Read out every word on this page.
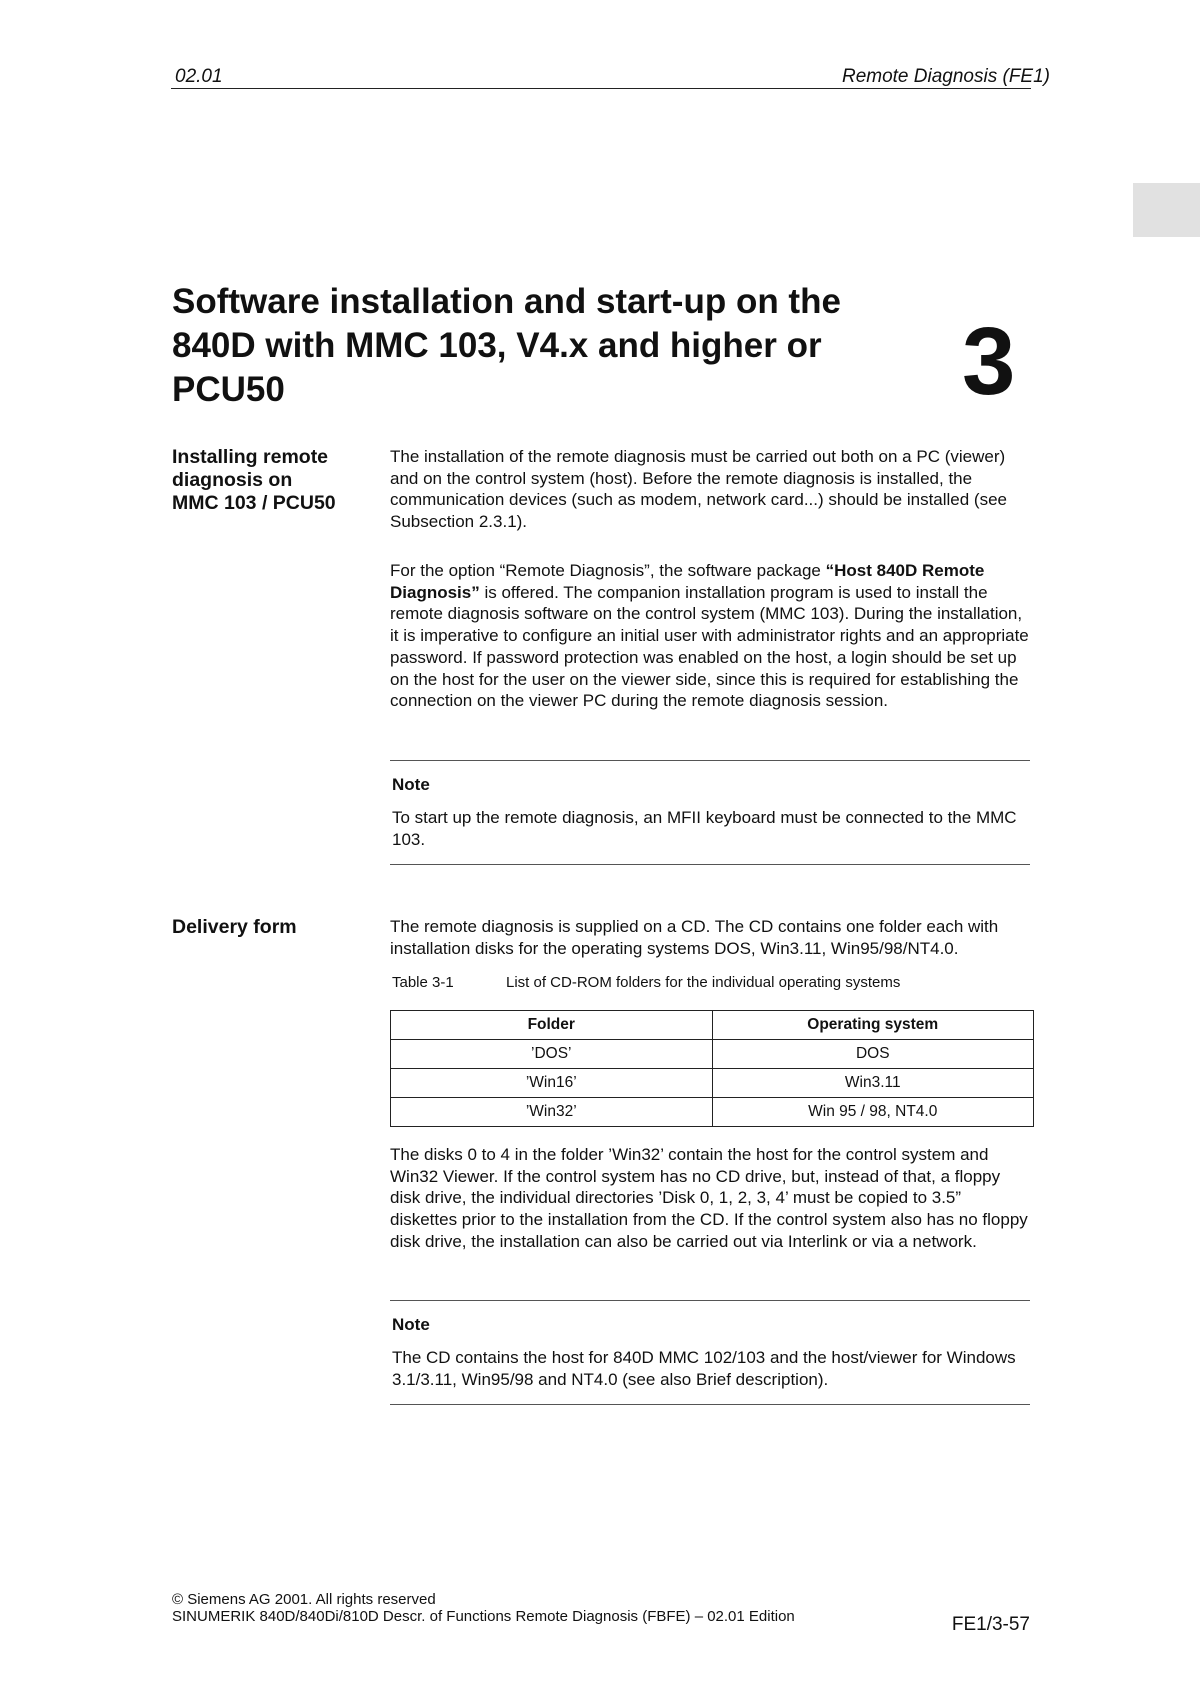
02.01	Remote Diagnosis (FE1)
Software installation and start-up on the
840D with MMC 103, V4.x and higher or
PCU50	3
Installing remote
diagnosis on
MMC 103 / PCU50
The installation of the remote diagnosis must be carried out both on a PC (viewer) and on the control system (host). Before the remote diagnosis is installed, the communication devices (such as modem, network card...) should be installed (see Subsection 2.3.1).
For the option “Remote Diagnosis”, the software package “Host 840D Remote Diagnosis” is offered. The companion installation program is used to install the remote diagnosis software on the control system (MMC 103). During the installation, it is imperative to configure an initial user with administrator rights and an appropriate password. If password protection was enabled on the host, a login should be set up on the host for the user on the viewer side, since this is required for establishing the connection on the viewer PC during the remote diagnosis session.
Note
To start up the remote diagnosis, an MFII keyboard must be connected to the MMC 103.
Delivery form	The remote diagnosis is supplied on a CD. The CD contains one folder each with installation disks for the operating systems DOS, Win3.11, Win95/98/NT4.0.
Table 3-1	List of CD-ROM folders for the individual operating systems
Folder	Operating system
’DOS’	DOS
’Win16’	Win3.11
’Win32’	Win 95 / 98, NT4.0
The disks 0 to 4 in the folder ’Win32’ contain the host for the control system and Win32 Viewer. If the control system has no CD drive, but, instead of that, a floppy disk drive, the individual directories ’Disk 0, 1, 2, 3, 4’ must be copied to 3.5” diskettes prior to the installation from the CD. If the control system also has no floppy disk drive, the installation can also be carried out via Interlink or via a network.
Note
The CD contains the host for 840D MMC 102/103 and the host/viewer for Windows 3.1/3.11, Win95/98 and NT4.0 (see also Brief description).
© Siemens AG 2001. All rights reserved
SINUMERIK 840D/840Di/810D Descr. of Functions Remote Diagnosis (FBFE) – 02.01 Edition	FE1/3-57
